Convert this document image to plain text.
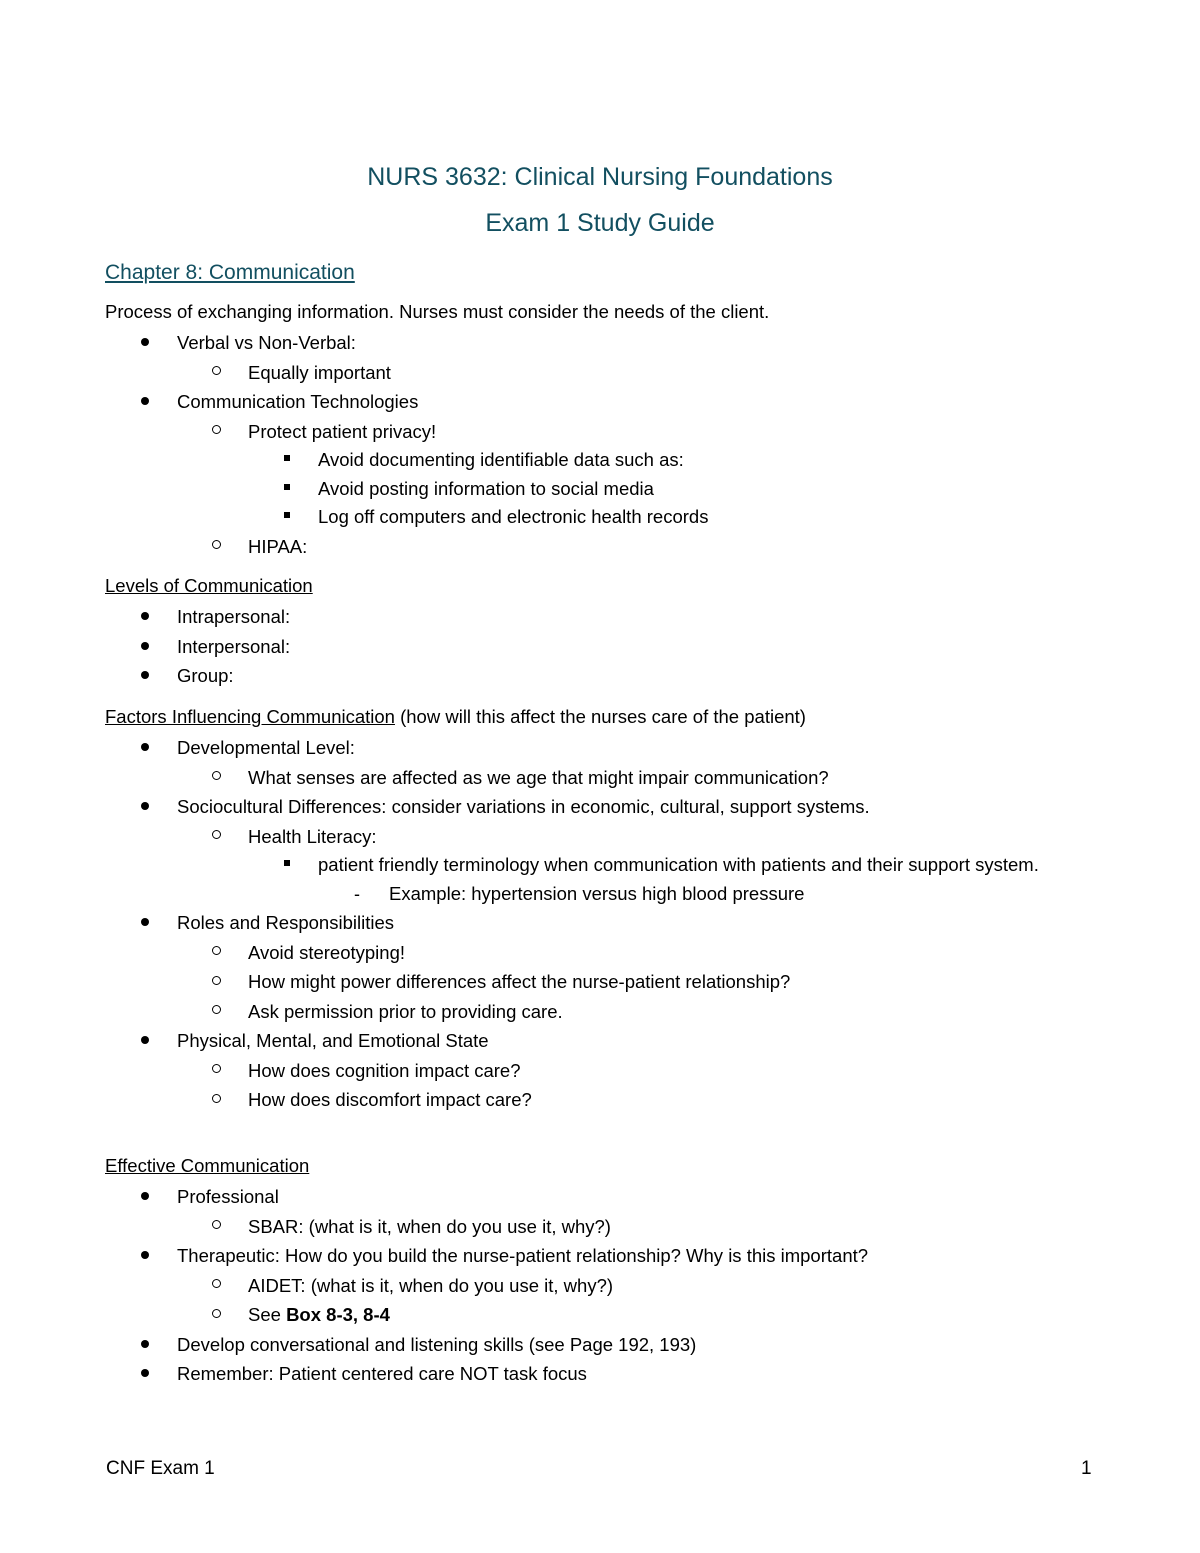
NURS 3632: Clinical Nursing Foundations
Exam 1 Study Guide
Chapter 8: Communication

Process of exchanging information. Nurses must consider the needs of the client.

Verbal vs Non-Verbal:
Equally important
Communication Technologies
Protect patient privacy!
Avoid documenting identifiable data such as:
Avoid posting information to social media
Log off computers and electronic health records
HIPAA:

Levels of Communication

Intrapersonal:
Interpersonal:
Group:

Factors Influencing Communication (how will this affect the nurses care of the patient)

Developmental Level:
What senses are affected as we age that might impair communication?
Sociocultural Differences: consider variations in economic, cultural, support systems.
Health Literacy:
patient friendly terminology when communication with patients and their support system.
- Example: hypertension versus high blood pressure
Roles and Responsibilities
Avoid stereotyping!
How might power differences affect the nurse-patient relationship?
Ask permission prior to providing care.
Physical, Mental, and Emotional State
How does cognition impact care?
How does discomfort impact care?

Effective Communication

Professional
SBAR: (what is it, when do you use it, why?)
Therapeutic: How do you build the nurse-patient relationship? Why is this important?
AIDET: (what is it, when do you use it, why?)
See Box 8-3, 8-4
Develop conversational and listening skills (see Page 192, 193)
Remember: Patient centered care NOT task focus

CNF Exam 1	1
